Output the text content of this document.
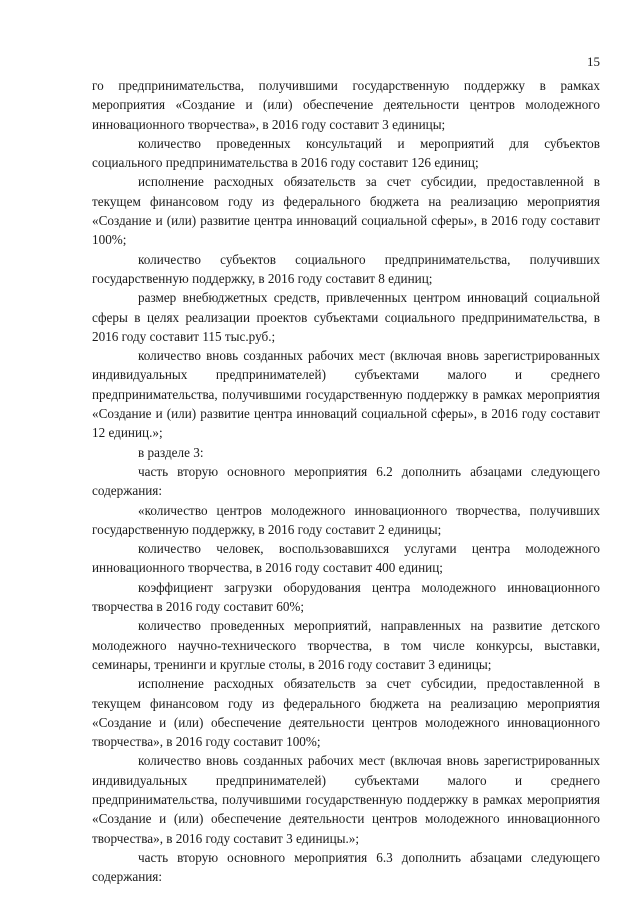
15

го предпринимательства, получившими государственную поддержку в рамках мероприятия «Создание и (или) обеспечение деятельности центров молодежного инновационного творчества», в 2016 году составит 3 единицы;

количество проведенных консультаций и мероприятий для субъектов социального предпринимательства в 2016 году составит 126 единиц;

исполнение расходных обязательств за счет субсидии, предоставленной в текущем финансовом году из федерального бюджета на реализацию мероприятия «Создание и (или) развитие центра инноваций социальной сферы», в 2016 году составит 100%;

количество субъектов социального предпринимательства, получивших государственную поддержку, в 2016 году составит 8 единиц;

размер внебюджетных средств, привлеченных центром инноваций социальной сферы в целях реализации проектов субъектами социального предпринимательства, в 2016 году составит 115 тыс.руб.;

количество вновь созданных рабочих мест (включая вновь зарегистрированных индивидуальных предпринимателей) субъектами малого и среднего предпринимательства, получившими государственную поддержку в рамках мероприятия «Создание и (или) развитие центра инноваций социальной сферы», в 2016 году составит 12 единиц.»;

в разделе 3:

часть вторую основного мероприятия 6.2 дополнить абзацами следующего содержания:

«количество центров молодежного инновационного творчества, получивших государственную поддержку, в 2016 году составит 2 единицы;

количество человек, воспользовавшихся услугами центра молодежного инновационного творчества, в 2016 году составит 400 единиц;

коэффициент загрузки оборудования центра молодежного инновационного творчества в 2016 году составит 60%;

количество проведенных мероприятий, направленных на развитие детского молодежного научно-технического творчества, в том числе конкурсы, выставки, семинары, тренинги и круглые столы, в 2016 году составит 3 единицы;

исполнение расходных обязательств за счет субсидии, предоставленной в текущем финансовом году из федерального бюджета на реализацию мероприятия «Создание и (или) обеспечение деятельности центров молодежного инновационного творчества», в 2016 году составит 100%;

количество вновь созданных рабочих мест (включая вновь зарегистрированных индивидуальных предпринимателей) субъектами малого и среднего предпринимательства, получившими государственную поддержку в рамках мероприятия «Создание и (или) обеспечение деятельности центров молодежного инновационного творчества», в 2016 году составит 3 единицы.»;

часть вторую основного мероприятия 6.3 дополнить абзацами следующего содержания:
